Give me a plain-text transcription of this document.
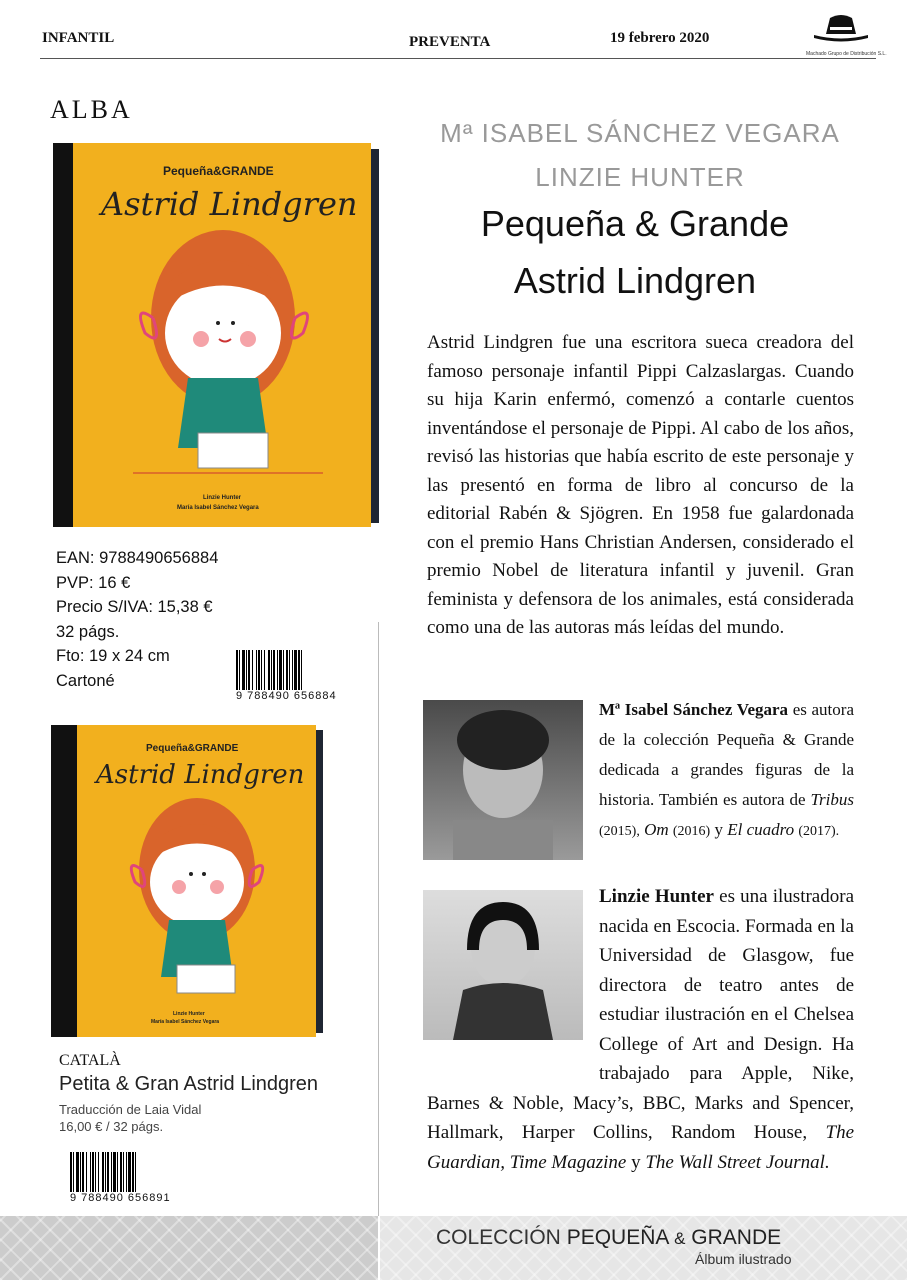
INFANTIL	PREVENTA	19 febrero 2020
Machado Grupo de Distribución S.L.
ALBA
Pequeña&GRANDE
Astrid Lindgren
Linzie Hunter
María Isabel Sánchez Vegara
Mª ISABEL SÁNCHEZ VEGARA
LINZIE HUNTER
Pequeña & Grande
Astrid Lindgren
Astrid Lindgren fue una escritora sueca creadora del famoso personaje infantil Pippi Calzaslargas. Cuando su hija Karin enfermó, comenzó a contarle cuentos inventándose el personaje de Pippi. Al cabo de los años, revisó las historias que había escrito de este personaje y las presentó en forma de libro al concurso de la editorial Rabén & Sjögren. En 1958 fue galardonada con el premio Hans Christian Andersen, considerado el premio Nobel de literatura infantil y juvenil. Gran feminista y defensora de los animales, está considerada como una de las autoras más leídas del mundo.
EAN: 9788490656884
PVP: 16 €
Precio S/IVA: 15,38 €
32 págs.
Fto: 19 x 24 cm
Cartoné
9 788490 656884
Pequeña&GRANDE
Astrid Lindgren
Linzie Hunter
María Isabel Sánchez Vegara
CATALÀ
Petita & Gran Astrid Lindgren
Traducción de Laia Vidal
16,00 € / 32 págs.
9 788490 656891
Mª Isabel Sánchez Vegara es autora de la colección Pequeña & Grande dedicada a grandes figuras de la historia. También es autora de Tribus (2015), Om (2016) y El cuadro (2017).
Linzie Hunter es una ilustradora nacida en Escocia. Formada en la Universidad de Glasgow, fue directora de teatro antes de estudiar ilustración en el Chelsea College of Art and Design. Ha trabajado para Apple, Nike, Barnes & Noble, Macy’s, BBC, Marks and Spencer, Hallmark, Harper Collins, Random House, The Guardian, Time Magazine y The Wall Street Journal.
COLECCIÓN PEQUEÑA & GRANDE
Álbum ilustrado
